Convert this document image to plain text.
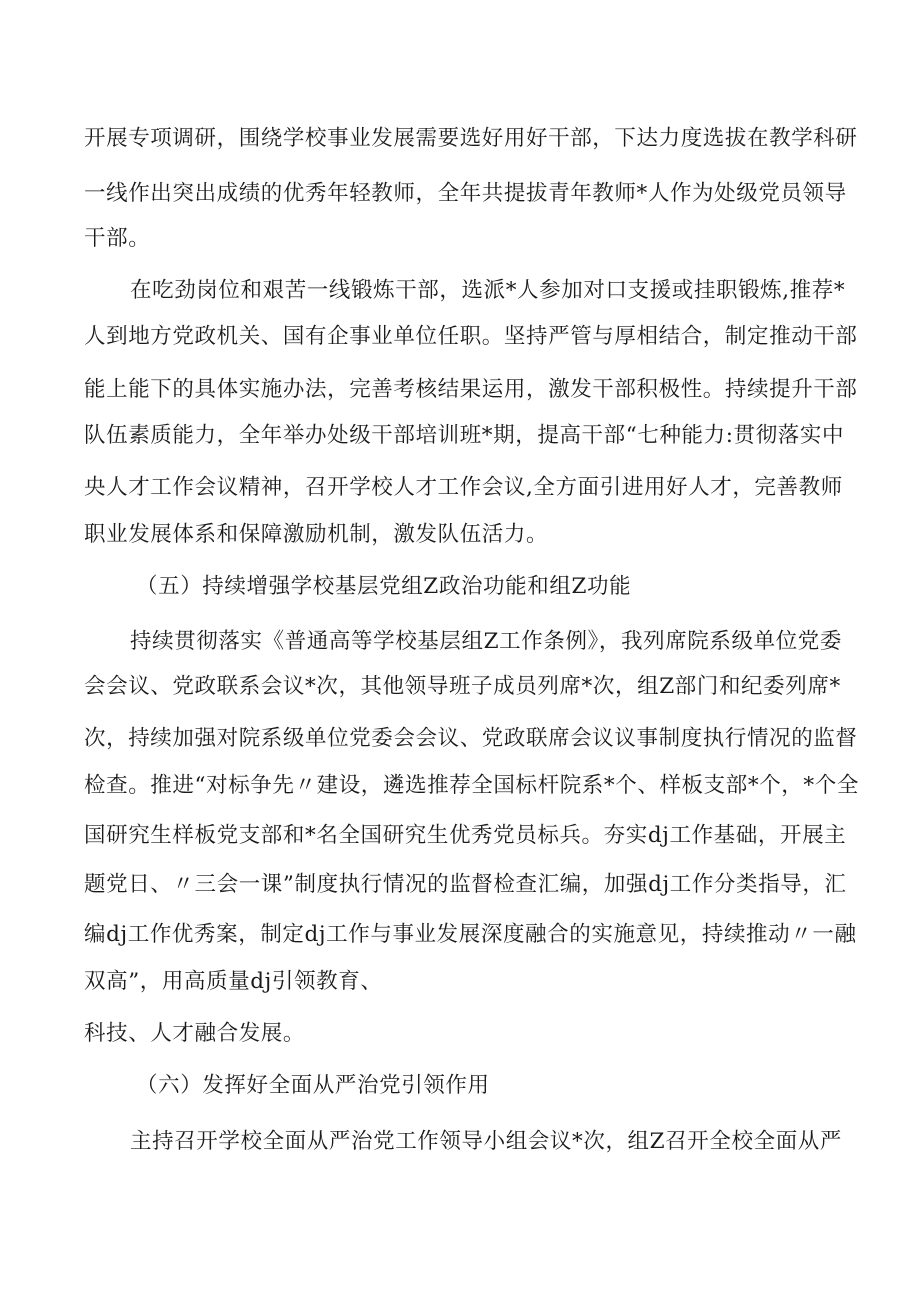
开展专项调研，围绕学校事业发展需要选好用好干部，下达力度选拔在教学科研
一线作出突出成绩的优秀年轻教师，全年共提拔青年教师*人作为处级党员领导
干部。
在吃劲岗位和艰苦一线锻炼干部，选派*人参加对口支援或挂职锻炼,推荐*
人到地方党政机关、国有企事业单位任职。坚持严管与厚相结合，制定推动干部
能上能下的具体实施办法，完善考核结果运用，激发干部积极性。持续提升干部
队伍素质能力，全年举办处级干部培训班*期，提高干部“七种能力:贯彻落实中
央人才工作会议精神，召开学校人才工作会议,全方面引进用好人才，完善教师
职业发展体系和保障激励机制，激发队伍活力。
（五）持续增强学校基层党组Z政治功能和组Z功能
持续贯彻落实《普通高等学校基层组Z工作条例》，我列席院系级单位党委
会会议、党政联系会议*次，其他领导班子成员列席*次，组Z部门和纪委列席*
次，持续加强对院系级单位党委会会议、党政联席会议议事制度执行情况的监督
检查。推进“对标争先〃建设，遴选推荐全国标杆院系*个、样板支部*个，*个全
国研究生样板党支部和*名全国研究生优秀党员标兵。夯实dj工作基础，开展主
题党日、〃三会一课”制度执行情况的监督检查汇编，加强dj工作分类指导，汇
编dj工作优秀案，制定dj工作与事业发展深度融合的实施意见，持续推动〃一融
双高”，用高质量dj引领教育、
科技、人才融合发展。
（六）发挥好全面从严治党引领作用
主持召开学校全面从严治党工作领导小组会议*次，组Z召开全校全面从严
